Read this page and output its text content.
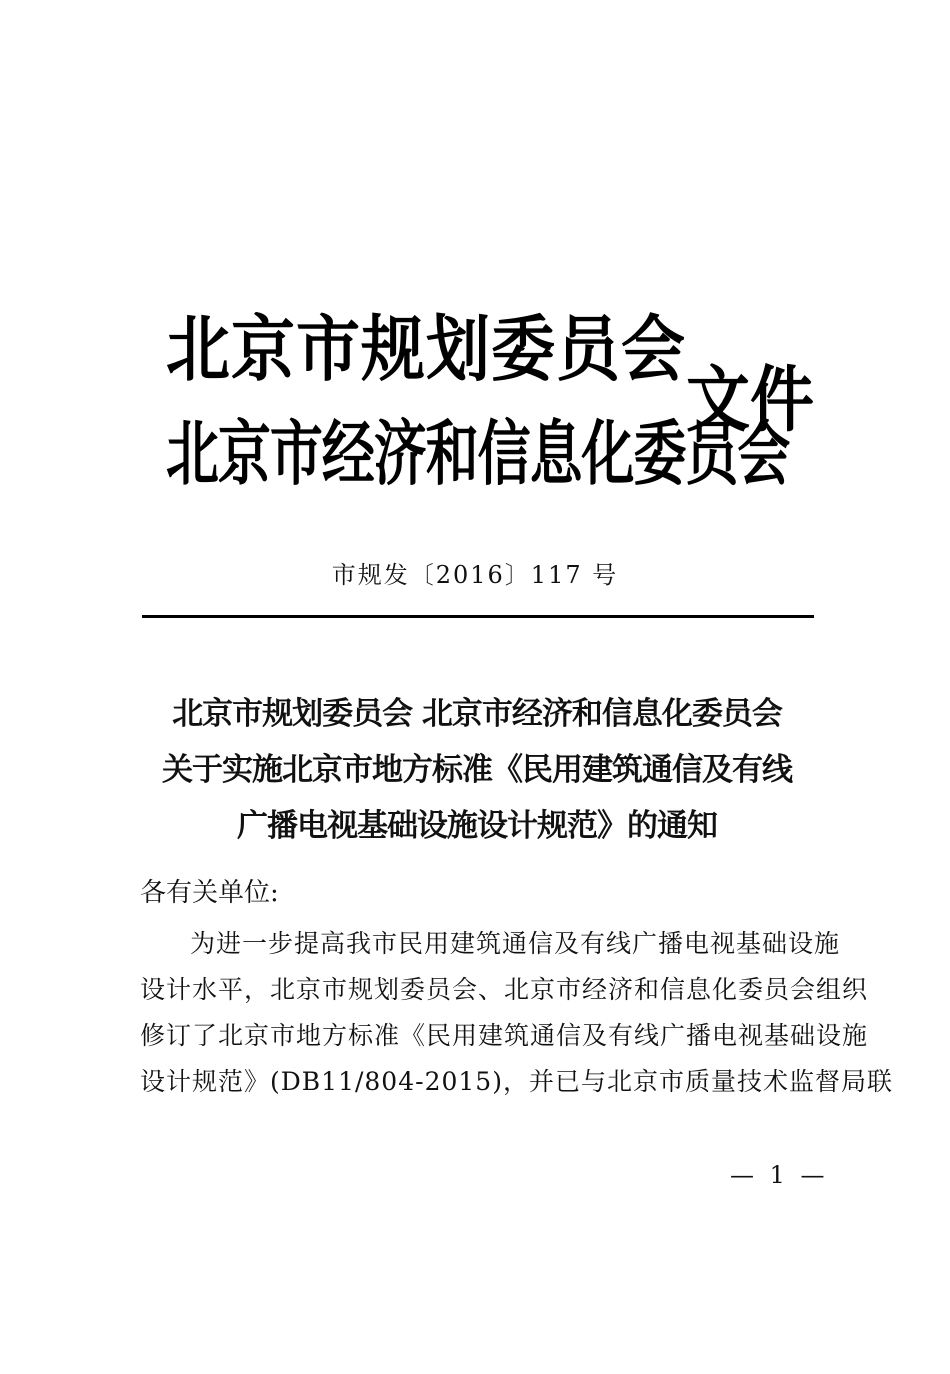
北京市规划委员会
北京市经济和信息化委员会
文件
市规发〔2016〕117 号
北京市规划委员会 北京市经济和信息化委员会
关于实施北京市地方标准《民用建筑通信及有线
广播电视基础设施设计规范》的通知
各有关单位:
为进一步提高我市民用建筑通信及有线广播电视基础设施
设计水平，北京市规划委员会、北京市经济和信息化委员会组织
修订了北京市地方标准《民用建筑通信及有线广播电视基础设施
设计规范》(DB11/804-2015)，并已与北京市质量技术监督局联
— 1 —
